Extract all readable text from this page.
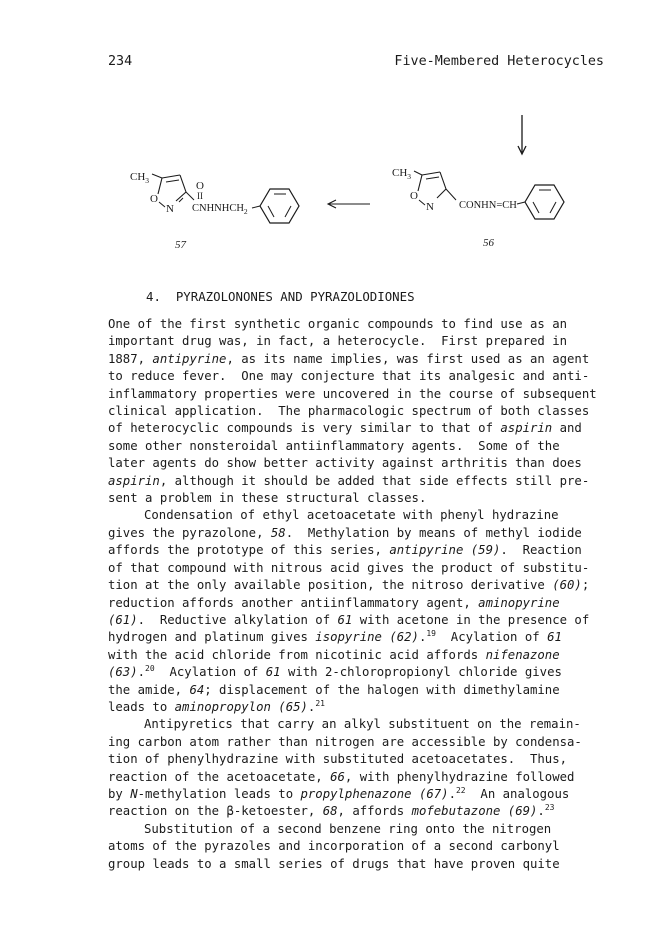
234	Five-Membered Heterocycles
$CH_3$
O
N
O
II
$CNHNHCH_2$
57
$CH_3$
O
N CONHN=CH
56
4.  PYRAZOLONONES AND PYRAZOLODIONES
One of the first synthetic organic compounds to find use as an
important drug was, in fact, a heterocycle.  First prepared in
1887, antipyrine, as its name implies, was first used as an agent
to reduce fever.  One may conjecture that its analgesic and anti-
inflammatory properties were uncovered in the course of subsequent
clinical application.  The pharmacologic spectrum of both classes
of heterocyclic compounds is very similar to that of aspirin and
some other nonsteroidal antiinflammatory agents.  Some of the
later agents do show better activity against arthritis than does
aspirin, although it should be added that side effects still pre-
sent a problem in these structural classes.
Condensation of ethyl acetoacetate with phenyl hydrazine
gives the pyrazolone, 58.  Methylation by means of methyl iodide
affords the prototype of this series, antipyrine (59).  Reaction
of that compound with nitrous acid gives the product of substitu-
tion at the only available position, the nitroso derivative (60);
reduction affords another antiinflammatory agent, aminopyrine
(61).  Reductive alkylation of 61 with acetone in the presence of
hydrogen and platinum gives isopyrine (62).$^{19}$  Acylation of 61
with the acid chloride from nicotinic acid affords nifenazone
(63).$^{20}$  Acylation of 61 with 2-chloropropionyl chloride gives
the amide, 64; displacement of the halogen with dimethylamine
leads to aminopropylon (65).$^{21}$
Antipyretics that carry an alkyl substituent on the remain-
ing carbon atom rather than nitrogen are accessible by condensa-
tion of phenylhydrazine with substituted acetoacetates.  Thus,
reaction of the acetoacetate, 66, with phenylhydrazine followed
by N-methylation leads to propylphenazone (67).$^{22}$  An analogous
reaction on the β-ketoester, 68, affords mofebutazone (69).$^{23}$
Substitution of a second benzene ring onto the nitrogen
atoms of the pyrazoles and incorporation of a second carbonyl
group leads to a small series of drugs that have proven quite
